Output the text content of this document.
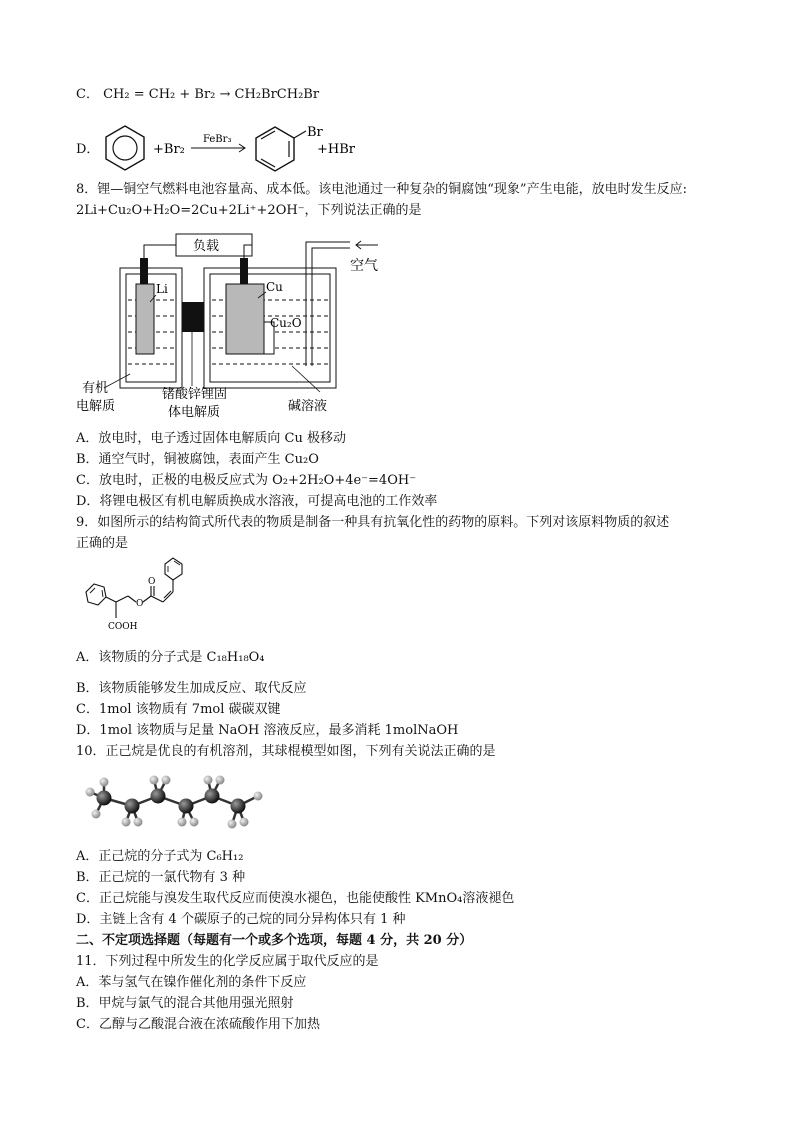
C． CH₂ = CH₂ + Br₂ → CH₂BrCH₂Br
D．	+Br₂
FeBr₃	Br
+HBr
8．锂—铜空气燃料电池容量高、成本低。该电池通过一种复杂的铜腐蚀“现象”产生电能，放电时发生反应:
2Li+Cu₂O+H₂O=2Cu+2Li⁺+2OH⁻，下列说法正确的是
负载
Li	Cu
Cu₂O
空气
有机
电解质
锗酸锌锂固
体电解质	碱溶液
A．放电时，电子透过固体电解质向 Cu 极移动
B．通空气时，铜被腐蚀，表面产生 Cu₂O
C．放电时，正极的电极反应式为 O₂+2H₂O+4e⁻=4OH⁻
D．将锂电极区有机电解质换成水溶液，可提高电池的工作效率
9．如图所示的结构简式所代表的物质是制备一种具有抗氧化性的药物的原料。下列对该原料物质的叙述
正确的是
COOH
O
O
A．该物质的分子式是 C₁₈H₁₈O₄
B．该物质能够发生加成反应、取代反应
C．1mol 该物质有 7mol 碳碳双键
D．1mol 该物质与足量 NaOH 溶液反应，最多消耗 1molNaOH
10．正己烷是优良的有机溶剂，其球棍模型如图，下列有关说法正确的是
A．正己烷的分子式为 C₆H₁₂
B．正己烷的一氯代物有 3 种
C．正己烷能与溴发生取代反应而使溴水褪色，也能使酸性 KMnO₄溶液褪色
D．主链上含有 4 个碳原子的己烷的同分异构体只有 1 种
二、不定项选择题（每题有一个或多个选项，每题 4 分，共 20 分）
11．下列过程中所发生的化学反应属于取代反应的是
A．苯与氢气在镍作催化剂的条件下反应
B．甲烷与氯气的混合其他用强光照射
C．乙醇与乙酸混合液在浓硫酸作用下加热
